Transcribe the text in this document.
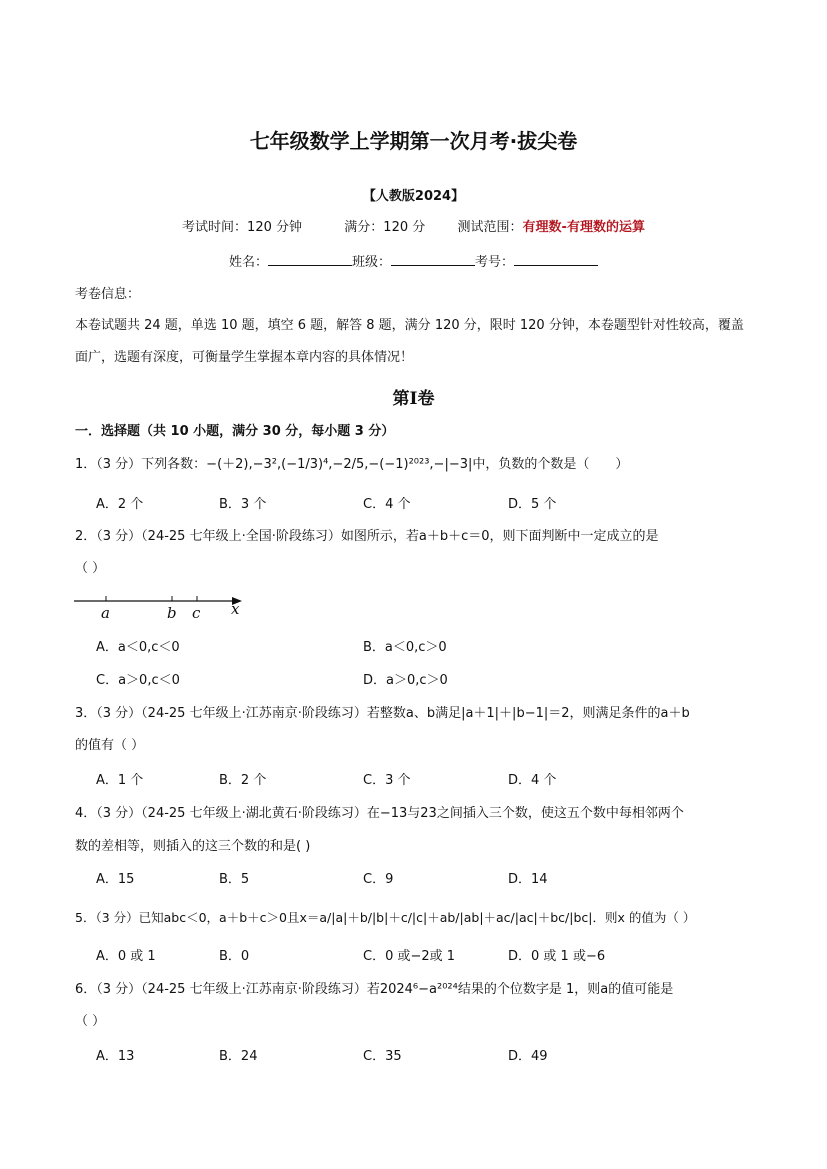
七年级数学上学期第一次月考·拔尖卷
【人教版2024】
考试时间：120 分钟	满分：120 分 测试范围：有理数-有理数的运算
姓名：	班级：	考号：
考卷信息：
本卷试题共 24 题，单选 10 题，填空 6 题，解答 8 题，满分 120 分，限时 120 分钟，本卷题型针对性较高，覆盖
面广，选题有深度，可衡量学生掌握本章内容的具体情况！
第Ⅰ卷
一．选择题（共 10 小题，满分 30 分，每小题 3 分）
1．（3 分）下列各数：−(＋2),−3²,(−1/3)⁴,−2/5,−(−1)²⁰²³,−|−3|中，负数的个数是（　　）
A．2 个	B．3 个	C．4 个	D．5 个
2．（3 分）（24-25 七年级上·全国·阶段练习）如图所示，若a＋b＋c＝0，则下面判断中一定成立的是
（ ）
a	b c x
A．a＜0,c＜0	B．a＜0,c＞0
C．a＞0,c＜0	D．a＞0,c＞0
3．（3 分）（24-25 七年级上·江苏南京·阶段练习）若整数a、b满足|a＋1|＋|b−1|＝2，则满足条件的a＋b
的值有（ ）
A．1 个	B．2 个	C．3 个	D．4 个
4．（3 分）（24-25 七年级上·湖北黄石·阶段练习）在−13与23之间插入三个数，使这五个数中每相邻两个
数的差相等，则插入的这三个数的和是( )
A．15	B．5	C．9	D．14
5．（3 分）已知abc＜0，a＋b＋c＞0且x＝a/|a|＋b/|b|＋c/|c|＋ab/|ab|＋ac/|ac|＋bc/|bc|．则x 的值为（ ）
A．0 或 1	B．0	C．0 或−2或 1	D．0 或 1 或−6
6．（3 分）（24-25 七年级上·江苏南京·阶段练习）若2024⁶−a²⁰²⁴结果的个位数字是 1，则a的值可能是
（ ）
A．13	B．24	C．35	D．49
